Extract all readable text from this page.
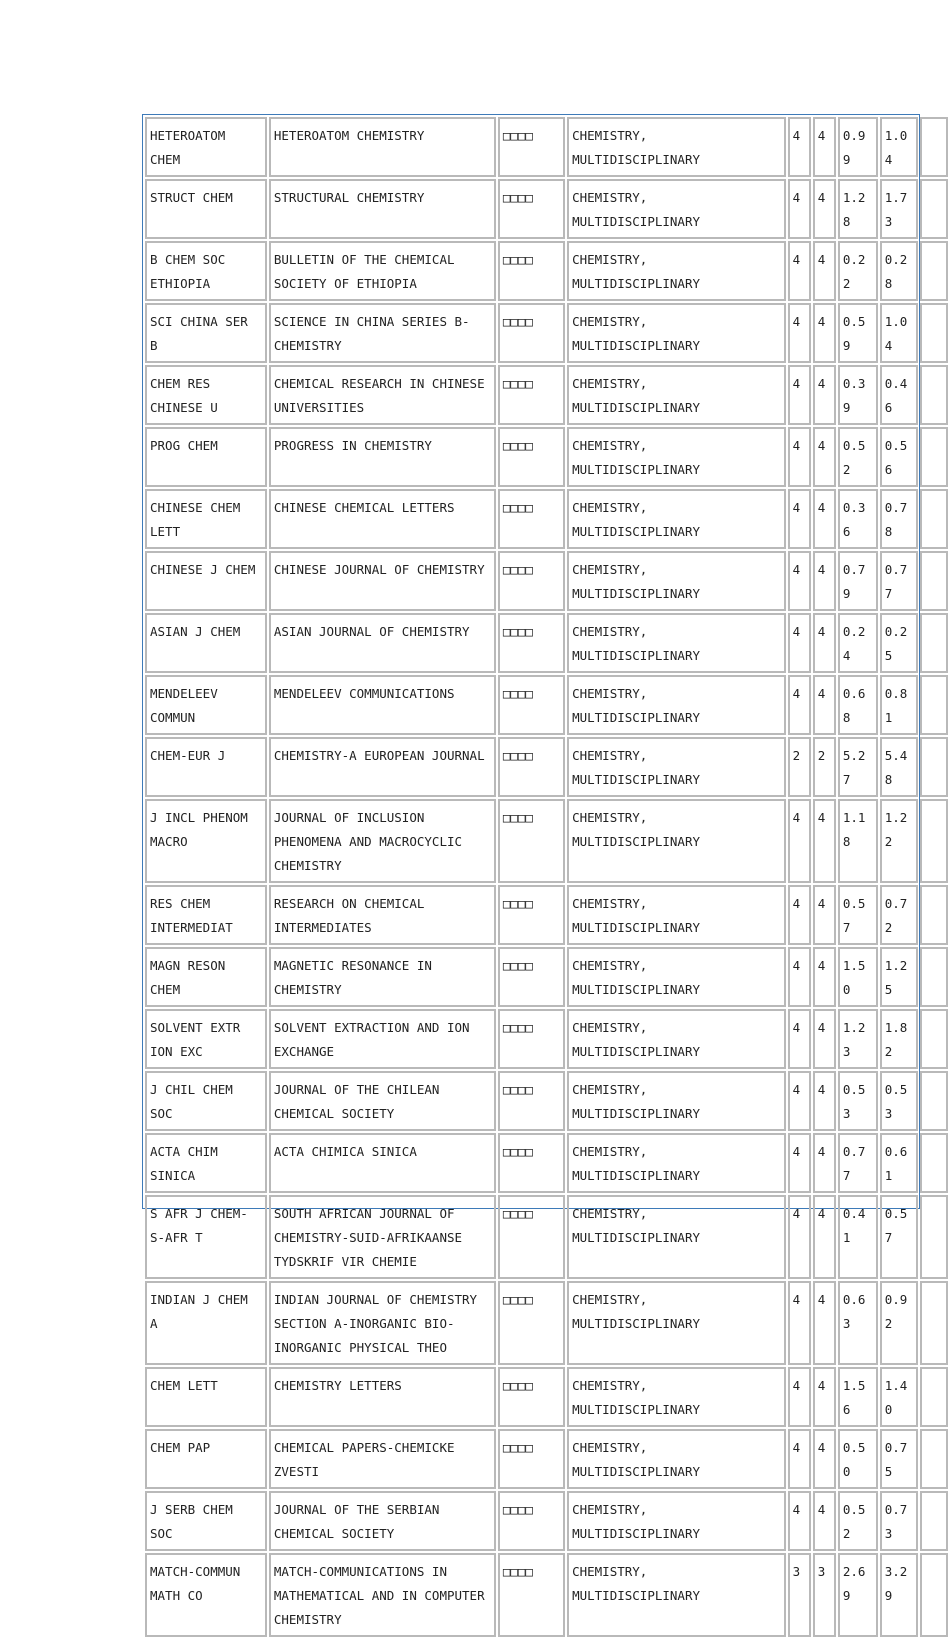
HETEROATOM CHEM	HETEROATOM CHEMISTRY	□□□□	CHEMISTRY, MULTIDISCIPLINARY	4	4	0.99	1.04	
STRUCT CHEM	STRUCTURAL CHEMISTRY	□□□□	CHEMISTRY, MULTIDISCIPLINARY	4	4	1.28	1.73	
B CHEM SOC ETHIOPIA	BULLETIN OF THE CHEMICAL SOCIETY OF ETHIOPIA	□□□□	CHEMISTRY, MULTIDISCIPLINARY	4	4	0.22	0.28	
SCI CHINA SER B	SCIENCE IN CHINA SERIES B-CHEMISTRY	□□□□	CHEMISTRY, MULTIDISCIPLINARY	4	4	0.59	1.04	
CHEM RES CHINESE U	CHEMICAL RESEARCH IN CHINESE UNIVERSITIES	□□□□	CHEMISTRY, MULTIDISCIPLINARY	4	4	0.39	0.46	
PROG CHEM	PROGRESS IN CHEMISTRY	□□□□	CHEMISTRY, MULTIDISCIPLINARY	4	4	0.52	0.56	
CHINESE CHEM LETT	CHINESE CHEMICAL LETTERS	□□□□	CHEMISTRY, MULTIDISCIPLINARY	4	4	0.36	0.78	
CHINESE J CHEM	CHINESE JOURNAL OF CHEMISTRY	□□□□	CHEMISTRY, MULTIDISCIPLINARY	4	4	0.79	0.77	
ASIAN J CHEM	ASIAN JOURNAL OF CHEMISTRY	□□□□	CHEMISTRY, MULTIDISCIPLINARY	4	4	0.24	0.25	
MENDELEEV COMMUN	MENDELEEV COMMUNICATIONS	□□□□	CHEMISTRY, MULTIDISCIPLINARY	4	4	0.68	0.81	
CHEM-EUR J	CHEMISTRY-A EUROPEAN JOURNAL	□□□□	CHEMISTRY, MULTIDISCIPLINARY	2	2	5.27	5.48	
J INCL PHENOM MACRO	JOURNAL OF INCLUSION PHENOMENA AND MACROCYCLIC CHEMISTRY	□□□□	CHEMISTRY, MULTIDISCIPLINARY	4	4	1.18	1.22	
RES CHEM INTERMEDIAT	RESEARCH ON CHEMICAL INTERMEDIATES	□□□□	CHEMISTRY, MULTIDISCIPLINARY	4	4	0.57	0.72	
MAGN RESON CHEM	MAGNETIC RESONANCE IN CHEMISTRY	□□□□	CHEMISTRY, MULTIDISCIPLINARY	4	4	1.50	1.25	
SOLVENT EXTR ION EXC	SOLVENT EXTRACTION AND ION EXCHANGE	□□□□	CHEMISTRY, MULTIDISCIPLINARY	4	4	1.23	1.82	
J CHIL CHEM SOC	JOURNAL OF THE CHILEAN CHEMICAL SOCIETY	□□□□	CHEMISTRY, MULTIDISCIPLINARY	4	4	0.53	0.53	
ACTA CHIM SINICA	ACTA CHIMICA SINICA	□□□□	CHEMISTRY, MULTIDISCIPLINARY	4	4	0.77	0.61	
S AFR J CHEM-S-AFR T	SOUTH AFRICAN JOURNAL OF CHEMISTRY-SUID-AFRIKAANSE TYDSKRIF VIR CHEMIE	□□□□	CHEMISTRY, MULTIDISCIPLINARY	4	4	0.41	0.57	
INDIAN J CHEM A	INDIAN JOURNAL OF CHEMISTRY SECTION A-INORGANIC BIO-INORGANIC PHYSICAL THEO	□□□□	CHEMISTRY, MULTIDISCIPLINARY	4	4	0.63	0.92	
CHEM LETT	CHEMISTRY LETTERS	□□□□	CHEMISTRY, MULTIDISCIPLINARY	4	4	1.56	1.40	
CHEM PAP	CHEMICAL PAPERS-CHEMICKE ZVESTI	□□□□	CHEMISTRY, MULTIDISCIPLINARY	4	4	0.50	0.75	
J SERB CHEM SOC	JOURNAL OF THE SERBIAN CHEMICAL SOCIETY	□□□□	CHEMISTRY, MULTIDISCIPLINARY	4	4	0.52	0.73	
MATCH-COMMUN MATH CO	MATCH-COMMUNICATIONS IN MATHEMATICAL AND IN COMPUTER CHEMISTRY	□□□□	CHEMISTRY, MULTIDISCIPLINARY	3	3	2.69	3.29	
